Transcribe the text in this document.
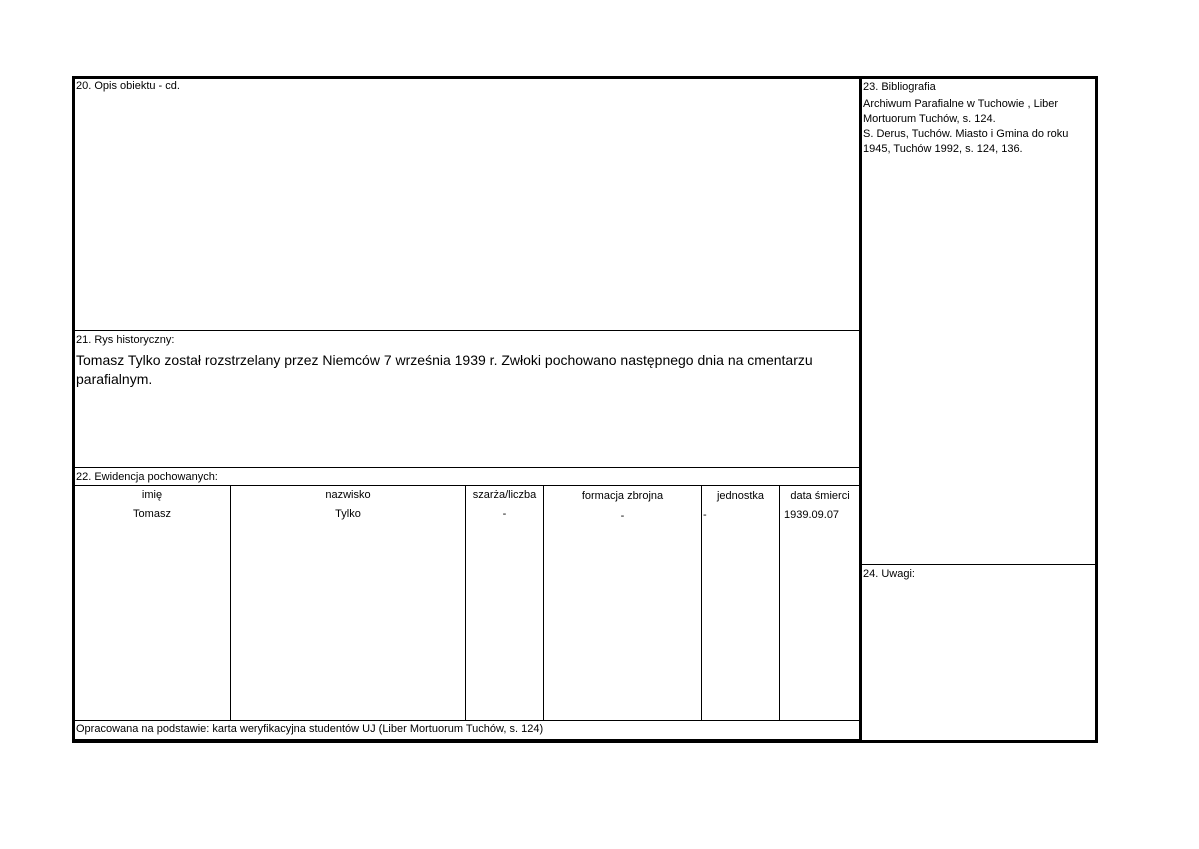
20. Opis obiektu - cd.
21. Rys historyczny:
Tomasz Tylko został rozstrzelany przez Niemców 7 września 1939 r. Zwłoki pochowano następnego dnia na cmentarzu parafialnym.
22. Ewidencja pochowanych:
imię	nazwisko	szarża/liczba	formacja zbrojna	jednostka	data śmierci
Tomasz	Tylko	-	-	-	1939.09.07
Opracowana na podstawie: karta weryfikacyjna studentów UJ (Liber Mortuorum Tuchów, s. 124)
23. Bibliografia

Archiwum Parafialne w Tuchowie , Liber Mortuorum Tuchów, s. 124.

S. Derus, Tuchów. Miasto i Gmina do roku 1945, Tuchów 1992, s. 124, 136.

24. Uwagi:
